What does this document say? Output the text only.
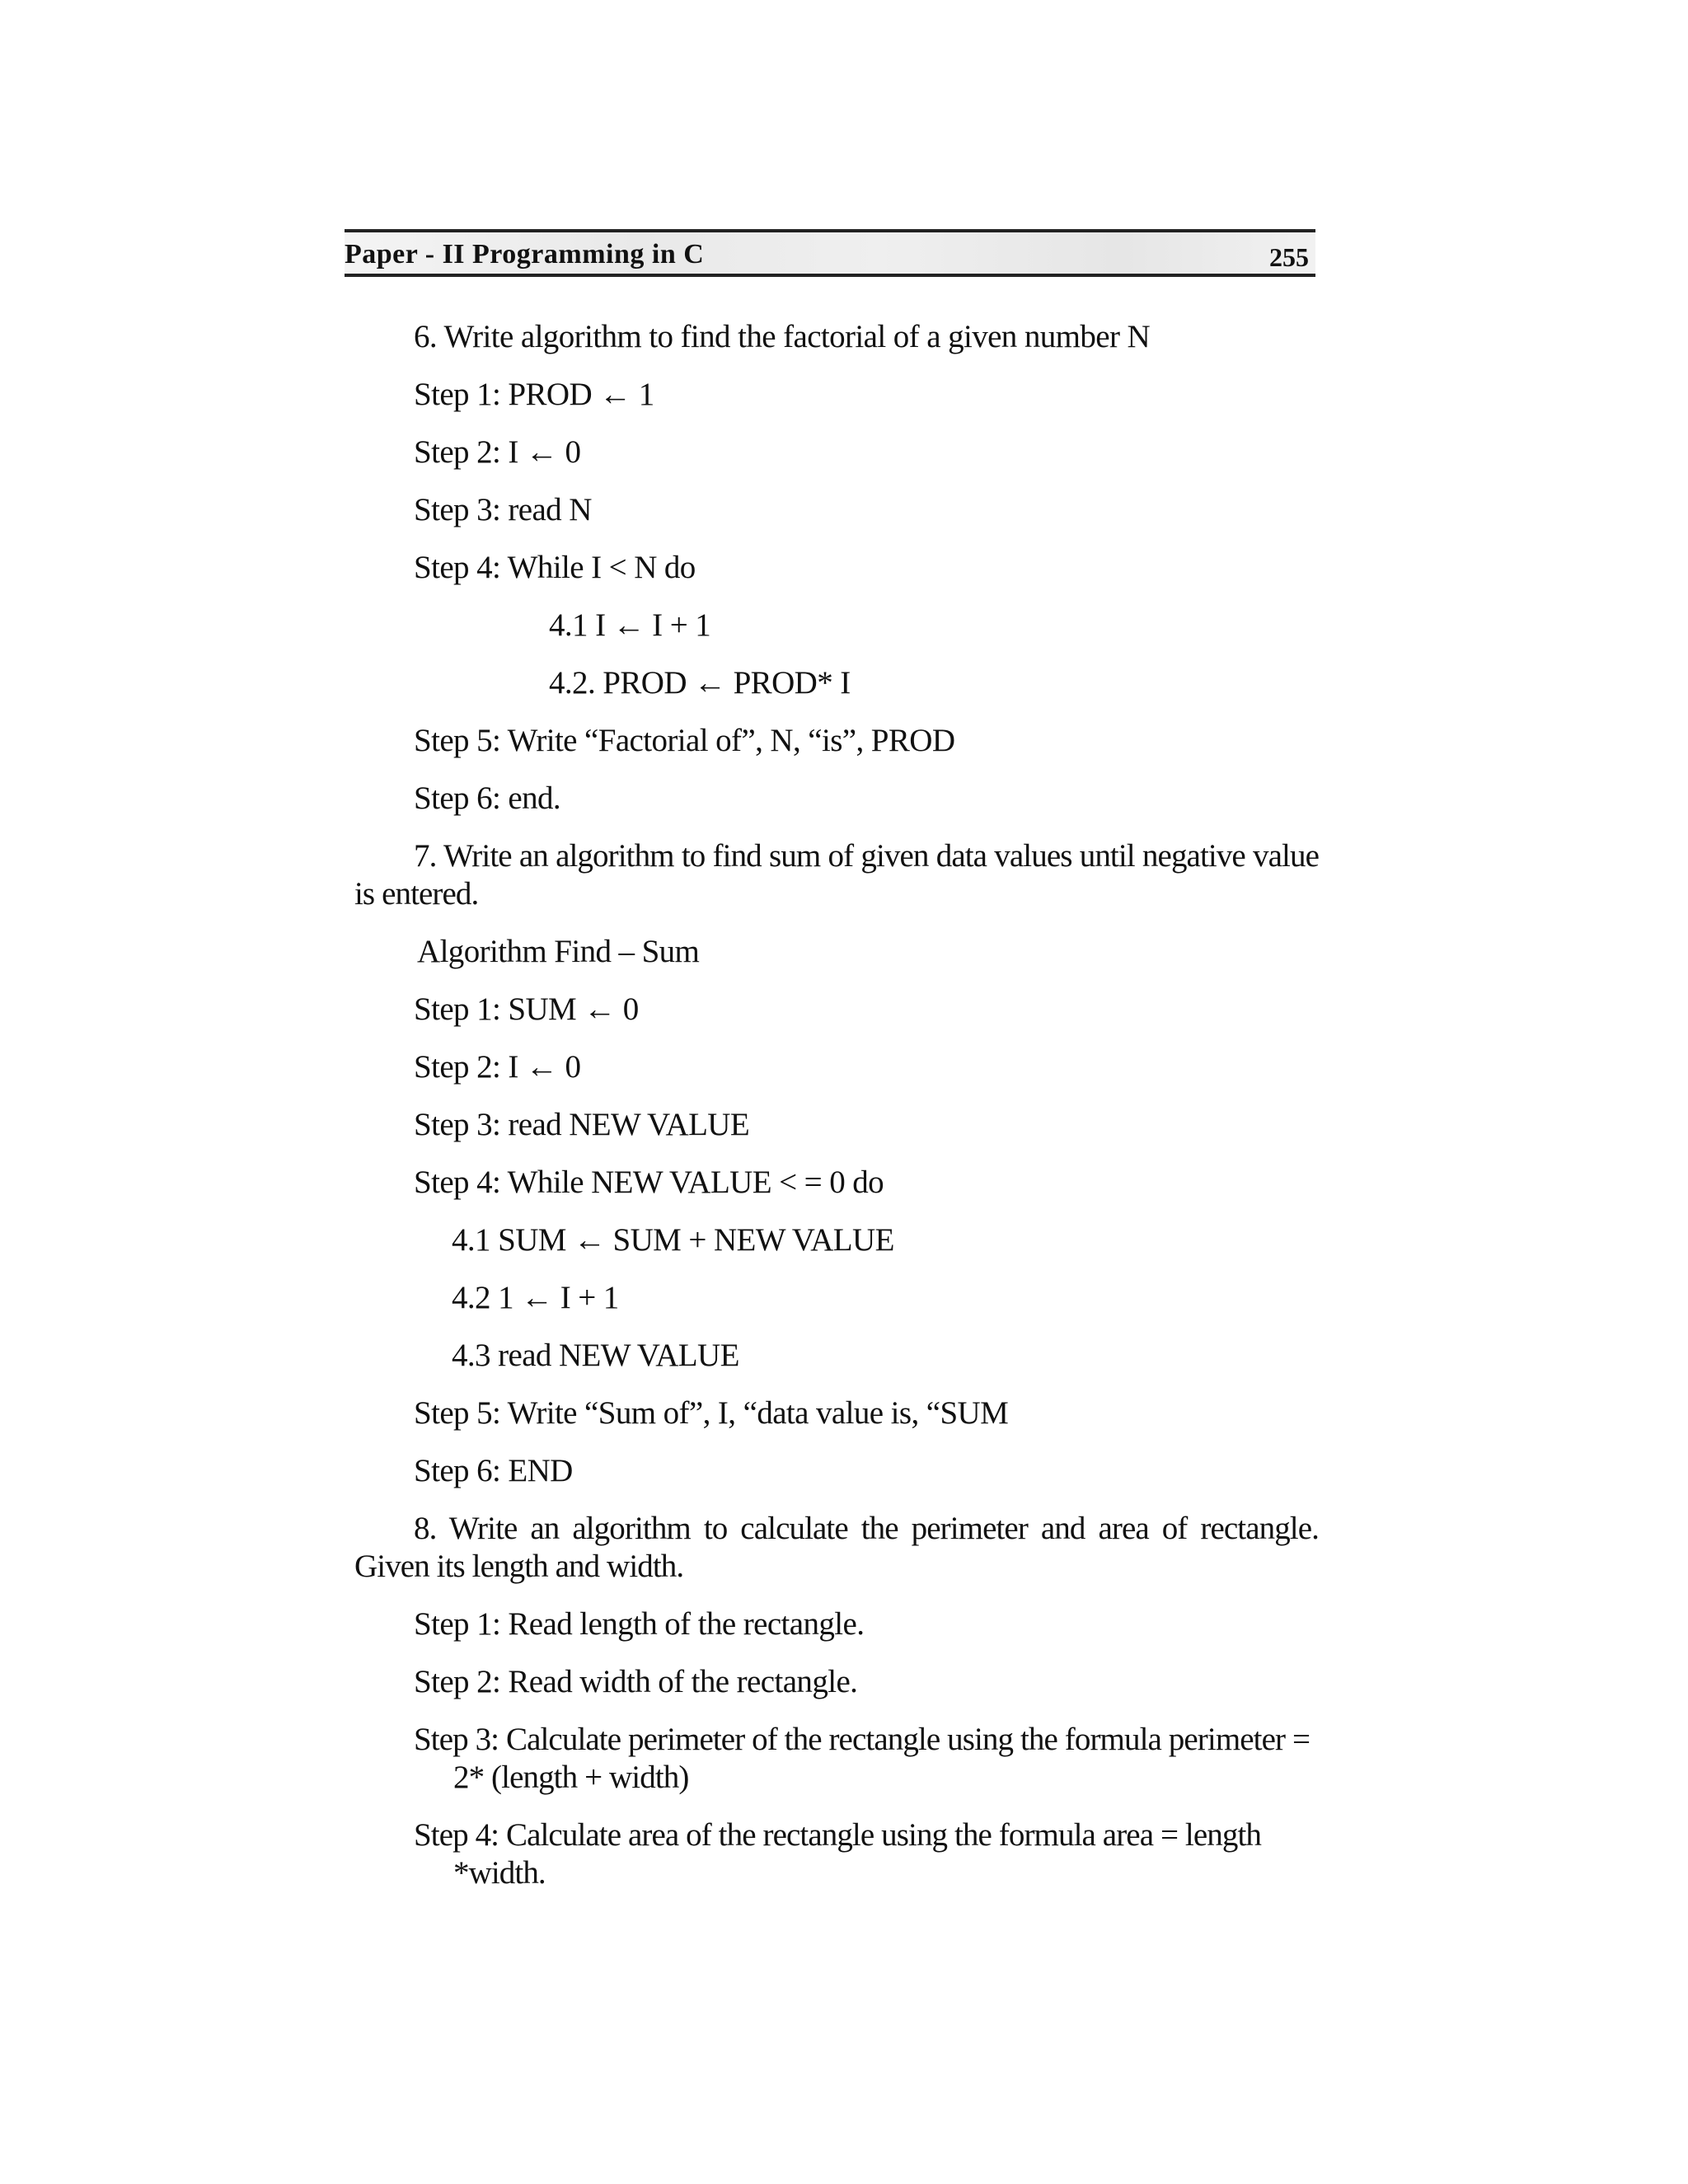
Paper - II Programming in C	255
6. Write algorithm to find the factorial of a given number N
Step 1: PROD ← 1
Step 2: I ← 0
Step 3: read N
Step 4: While I < N do
4.1 I ← I + 1
4.2. PROD ← PROD* I
Step 5: Write “Factorial of”, N, “is”, PROD
Step 6: end.
7. Write an algorithm to find sum of given data values until negative value is entered.
Algorithm Find – Sum
Step 1: SUM ← 0
Step 2: I ← 0
Step 3: read NEW VALUE
Step 4: While NEW VALUE < = 0 do
4.1 SUM ← SUM + NEW VALUE
4.2 1 ← I + 1
4.3 read NEW VALUE
Step 5: Write “Sum of”, I, “data value is, “SUM
Step 6: END
8. Write an algorithm to calculate the perimeter and area of rectangle. Given its length and width.
Step 1: Read length of the rectangle.
Step 2: Read width of the rectangle.
Step 3: Calculate perimeter of the rectangle using the formula perimeter = 2* (length + width)
Step 4: Calculate area of the rectangle using the formula area = length *width.
